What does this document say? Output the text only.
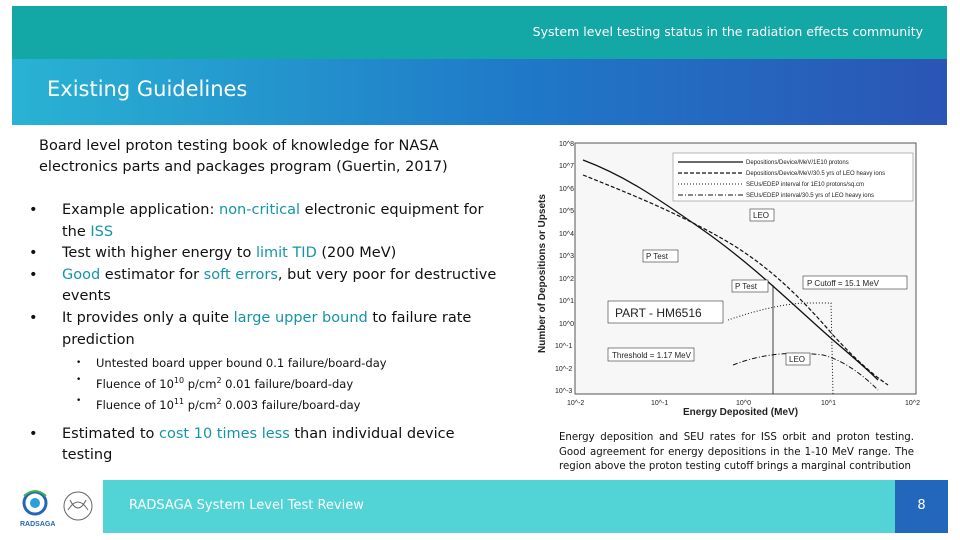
System level testing status in the radiation effects community
Existing Guidelines
Board level proton testing book of knowledge for NASA electronics parts and packages program (Guertin, 2017)
• Example application: non-critical electronic equipment for the ISS
• Test with higher energy to limit TID (200 MeV)
• Good estimator for soft errors, but very poor for destructive events
• It provides only a quite large upper bound to failure rate prediction
• Untested board upper bound 0.1 failure/board-day
• Fluence of $10^{10}$ $p/cm^2$ 0.01 failure/board-day
• Fluence of $10^{11}$ $p/cm^2$ 0.003 failure/board-day
• Estimated to cost 10 times less than individual device testing
Number of Depositions or Upsets
10^8
10^7
10^6
10^5
10^4
10^3
10^2
10^1
10^0
10^-1
10^-2
10^-3
10^-2	10^-1	10^0	10^1	10^2
Energy Deposited (MeV)
Depositions/Device/MeV/1E10 protons
Depositions/Device/MeV/30.5 yrs of LEO heavy ions
SEUs/EDEP interval for 1E10 protons/sq.cm
SEUs/EDEP interval/30.5 yrs of LEO heavy ions
LEO
P Test
P Test	P Cutoff = 15.1 MeV
PART - HM6516
Threshold = 1.17 MeV	LEO
Energy deposition and SEU rates for ISS orbit and proton testing. Good agreement for energy depositions in the 1-10 MeV range. The region above the proton testing cutoff brings a marginal contribution
RADSAGA
RADSAGA System Level Test Review	8
